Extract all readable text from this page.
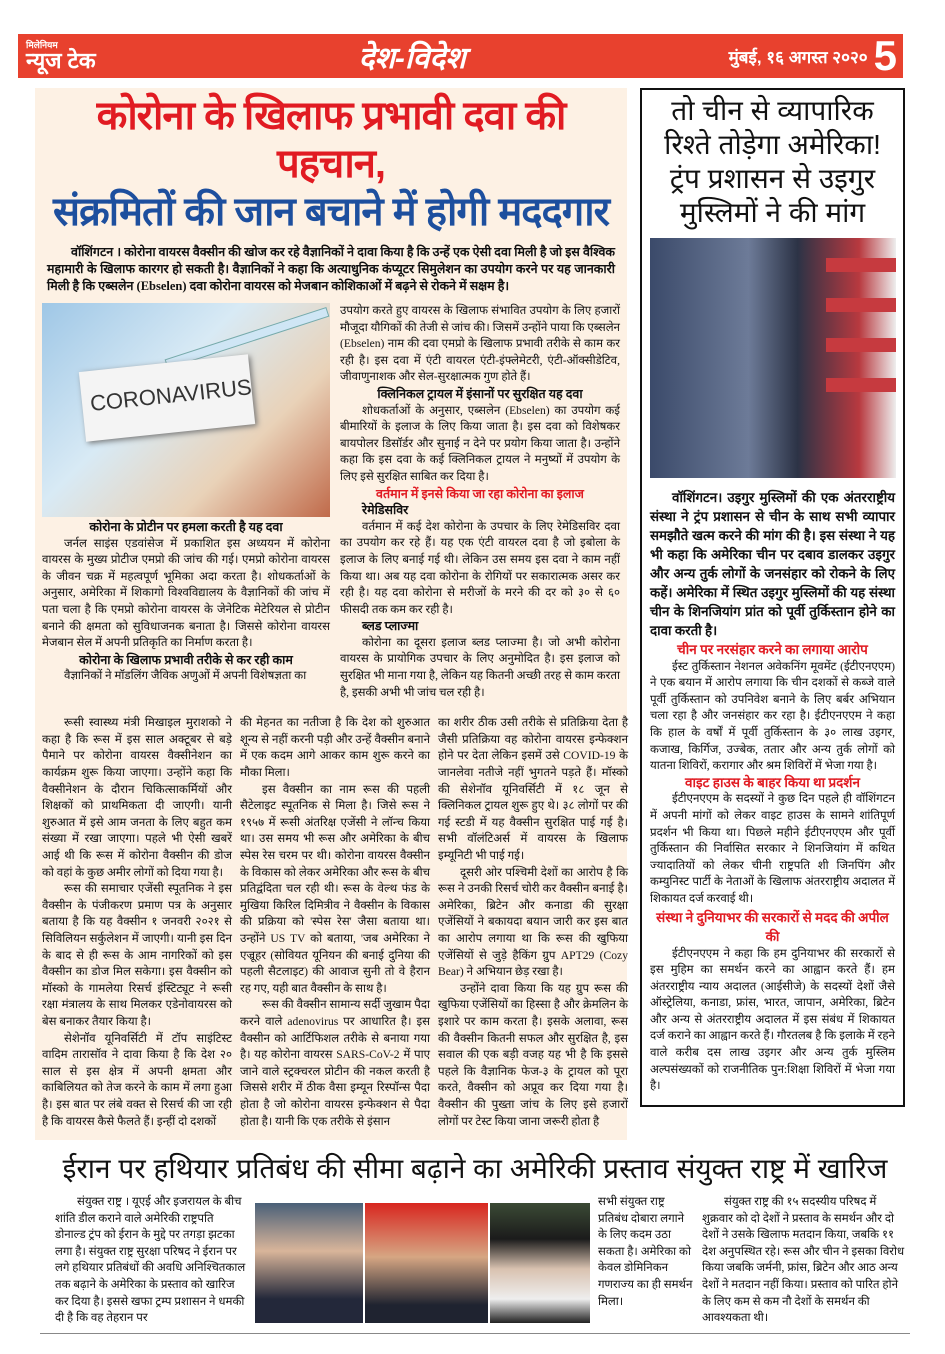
मिलेनियम
न्यूज टेक	देश-विदेश	मुंबई, १६ अगस्त २०२० 5
कोरोना के खिलाफ प्रभावी दवा की पहचान,
संक्रमितों की जान बचाने में होगी मददगार

वॉशिंगटन । कोरोना वायरस वैक्सीन की खोज कर रहे वैज्ञानिकों ने दावा किया है कि उन्हें एक ऐसी दवा मिली है जो इस वैश्विक महामारी के खिलाफ कारगर हो सकती है। वैज्ञानिकों ने कहा कि अत्याधुनिक कंप्यूटर सिमुलेशन का उपयोग करने पर यह जानकारी मिली है कि एब्सलेन (Ebselen) दवा कोरोना वायरस को मेजबान कोशिकाओं में बढ़ने से रोकने में सक्षम है।

CORONAVIRUS
कोरोना के प्रोटीन पर हमला करती है यह दवा

जर्नल साइंस एडवांसेज में प्रकाशित इस अध्ययन में कोरोना वायरस के मुख्य प्रोटीज एमप्रो की जांच की गई। एमप्रो कोरोना वायरस के जीवन चक्र में महत्वपूर्ण भूमिका अदा करता है। शोधकर्ताओं के अनुसार, अमेरिका में शिकागो विश्वविद्यालय के वैज्ञानिकों की जांच में पता चला है कि एमप्रो कोरोना वायरस के जेनेटिक मेटेरियल से प्रोटीन बनाने की क्षमता को सुविधाजनक बनाता है। जिससे कोरोना वायरस मेजबान सेल में अपनी प्रतिकृति का निर्माण करता है।

कोरोना के खिलाफ प्रभावी तरीके से कर रही काम

वैज्ञानिकों ने मॉडलिंग जैविक अणुओं में अपनी विशेषज्ञता का

उपयोग करते हुए वायरस के खिलाफ संभावित उपयोग के लिए हजारों मौजूदा यौगिकों की तेजी से जांच की। जिसमें उन्होंने पाया कि एब्सलेन (Ebselen) नाम की दवा एमप्रो के खिलाफ प्रभावी तरीके से काम कर रही है। इस दवा में एंटी वायरल एंटी-इंफ्लेमेटरी, एंटी-ऑक्सीडेटिव, जीवाणुनाशक और सेल-सुरक्षात्मक गुण होते हैं।

क्लिनिकल ट्रायल में इंसानों पर सुरक्षित यह दवा

शोधकर्ताओं के अनुसार, एब्सलेन (Ebselen) का उपयोग कई बीमारियों के इलाज के लिए किया जाता है। इस दवा को विशेषकर बायपोलर डिसॉर्डर और सुनाई न देने पर प्रयोग किया जाता है। उन्होंने कहा कि इस दवा के कई क्लिनिकल ट्रायल ने मनुष्यों में उपयोग के लिए इसे सुरक्षित साबित कर दिया है।

वर्तमान में इनसे किया जा रहा कोरोना का इलाज
रेमेडिसविर

वर्तमान में कई देश कोरोना के उपचार के लिए रेमेडिसविर दवा का उपयोग कर रहे हैं। यह एक एंटी वायरल दवा है जो इबोला के इलाज के लिए बनाई गई थी। लेकिन उस समय इस दवा ने काम नहीं किया था। अब यह दवा कोरोना के रोगियों पर सकारात्मक असर कर रही है। यह दवा कोरोना से मरीजों के मरने की दर को ३० से ६० फीसदी तक कम कर रही है।

ब्लड प्लाज्मा

कोरोना का दूसरा इलाज ब्लड प्लाज्मा है। जो अभी कोरोना वायरस के प्रायोगिक उपचार के लिए अनुमोदित है। इस इलाज को सुरक्षित भी माना गया है, लेकिन यह कितनी अच्छी तरह से काम करता है, इसकी अभी भी जांच चल रही है।

रूसी स्वास्थ्य मंत्री मिखाइल मुराशको ने कहा है कि रूस में इस साल अक्टूबर से बड़े पैमाने पर कोरोना वायरस वैक्सीनेशन का कार्यक्रम शुरू किया जाएगा। उन्होंने कहा कि वैक्सीनेशन के दौरान चिकित्साकर्मियों और शिक्षकों को प्राथमिकता दी जाएगी। यानी शुरुआत में इसे आम जनता के लिए बहुत कम संख्या में रखा जाएगा। पहले भी ऐसी खबरें आई थी कि रूस में कोरोना वैक्सीन की डोज को वहां के कुछ अमीर लोगों को दिया गया है।

रूस की समाचार एजेंसी स्पूतनिक ने इस वैक्सीन के पंजीकरण प्रमाण पत्र के अनुसार बताया है कि यह वैक्सीन १ जनवरी २०२१ से सिविलियन सर्कुलेशन में जाएगी। यानी इस दिन के बाद से ही रूस के आम नागरिकों को इस वैक्सीन का डोज मिल सकेगा। इस वैक्सीन को मॉस्को के गामलेया रिसर्च इंस्टिट्यूट ने रूसी रक्षा मंत्रालय के साथ मिलकर एडेनोवायरस को बेस बनाकर तैयार किया है।

सेशेनॉव यूनिवर्सिटी में टॉप साइंटिस्ट वादिम तारासॉव ने दावा किया है कि देश २० साल से इस क्षेत्र में अपनी क्षमता और काबिलियत को तेज करने के काम में लगा हुआ है। इस बात पर लंबे वक्त से रिसर्च की जा रही है कि वायरस कैसे फैलते हैं। इन्हीं दो दशकों

की मेहनत का नतीजा है कि देश को शुरुआत शून्य से नहीं करनी पड़ी और उन्हें वैक्सीन बनाने में एक कदम आगे आकर काम शुरू करने का मौका मिला।

इस वैक्सीन का नाम रूस की पहली सैटेलाइट स्पूतनिक से मिला है। जिसे रूस ने १९५७ में रूसी अंतरिक्ष एजेंसी ने लॉन्च किया था। उस समय भी रूस और अमेरिका के बीच स्पेस रेस चरम पर थी। कोरोना वायरस वैक्सीन के विकास को लेकर अमेरिका और रूस के बीच प्रतिद्वंदिता चल रही थी। रूस के वेल्थ फंड के मुखिया किरिल दिमित्रीव ने वैक्सीन के विकास की प्रक्रिया को 'स्पेस रेस' जैसा बताया था। उन्होंने US TV को बताया, 'जब अमेरिका ने एज्रूहर (सोवियत यूनियन की बनाई दुनिया की पहली सैटलाइट) की आवाज सुनी तो वे हैरान रह गए, यही बात वैक्सीन के साथ है।

रूस की वैक्सीन सामान्य सर्दी जुखाम पैदा करने वाले adenovirus पर आधारित है। इस वैक्सीन को आर्टिफिशल तरीके से बनाया गया है। यह कोरोना वायरस SARS-CoV-2 में पाए जाने वाले स्ट्रक्चरल प्रोटीन की नकल करती है जिससे शरीर में ठीक वैसा इम्यून रिस्पॉन्स पैदा होता है जो कोरोना वायरस इन्फेक्शन से पैदा होता है। यानी कि एक तरीके से इंसान

का शरीर ठीक उसी तरीके से प्रतिक्रिया देता है जैसी प्रतिक्रिया वह कोरोना वायरस इन्फेक्शन होने पर देता लेकिन इसमें उसे COVID-19 के जानलेवा नतीजे नहीं भुगतने पड़ते हैं। मॉस्को की सेशेनॉव यूनिवर्सिटी में १८ जून से क्लिनिकल ट्रायल शुरू हुए थे। ३८ लोगों पर की गई स्टडी में यह वैक्सीन सुरक्षित पाई गई है। सभी वॉलंटिअर्स में वायरस के खिलाफ इम्यूनिटी भी पाई गई।

दूसरी ओर पश्चिमी देशों का आरोप है कि रूस ने उनकी रिसर्च चोरी कर वैक्सीन बनाई है। अमेरिका, ब्रिटेन और कनाडा की सुरक्षा एजेंसियों ने बकायदा बयान जारी कर इस बात का आरोप लगाया था कि रूस की खुफिया एजेंसियों से जुड़े हैकिंग ग्रुप APT29 (Cozy Bear) ने अभियान छेड़ रखा है।

उन्होंने दावा किया कि यह ग्रुप रूस की खुफिया एजेंसियों का हिस्सा है और क्रेमलिन के इशारे पर काम करता है। इसके अलावा, रूस की वैक्सीन कितनी सफल और सुरक्षित है, इस सवाल की एक बड़ी वजह यह भी है कि इससे पहले कि वैज्ञानिक फेज-३ के ट्रायल को पूरा करते, वैक्सीन को अप्रूव कर दिया गया है। वैक्सीन की पुख्ता जांच के लिए इसे हजारों लोगों पर टेस्ट किया जाना जरूरी होता है

तो चीन से व्यापारिक
रिश्ते तोड़ेगा अमेरिका!
ट्रंप प्रशासन से उइगुर
मुस्लिमों ने की मांग

वॉशिंगटन। उइगुर मुस्लिमों की एक अंतरराष्ट्रीय संस्था ने ट्रंप प्रशासन से चीन के साथ सभी व्यापार समझौते खत्म करने की मांग की है। इस संस्था ने यह भी कहा कि अमेरिका चीन पर दबाव डालकर उइगुर और अन्य तुर्क लोगों के जनसंहार को रोकने के लिए कहें। अमेरिका में स्थित उइगुर मुस्लिमों की यह संस्था चीन के शिनजियांग प्रांत को पूर्वी तुर्किस्तान होने का दावा करती है।

चीन पर नरसंहार करने का लगाया आरोप

ईस्ट तुर्किस्तान नेशनल अवेकनिंग मूवमेंट (ईटीएनएएम) ने एक बयान में आरोप लगाया कि चीन दशकों से कब्जे वाले पूर्वी तुर्किस्तान को उपनिवेश बनाने के लिए बर्बर अभियान चला रहा है और जनसंहार कर रहा है। ईटीएनएएम ने कहा कि हाल के वर्षों में पूर्वी तुर्किस्तान के ३० लाख उइगर, कजाख, किर्गिज, उज्बेक, ततार और अन्य तुर्क लोगों को यातना शिविरों, करागार और श्रम शिविरों में भेजा गया है।

वाइट हाउस के बाहर किया था प्रदर्शन

ईटीएनएएम के सदस्यों ने कुछ दिन पहले ही वॉशिंगटन में अपनी मांगों को लेकर वाइट हाउस के सामने शांतिपूर्ण प्रदर्शन भी किया था। पिछले महीने ईटीएनएएम और पूर्वी तुर्किस्तान की निर्वासित सरकार ने शिनजियांग में कथित ज्यादातियों को लेकर चीनी राष्ट्रपति शी जिनपिंग और कम्युनिस्ट पार्टी के नेताओं के खिलाफ अंतरराष्ट्रीय अदालत में शिकायत दर्ज करवाई थी।

संस्था ने दुनियाभर की सरकारों से मदद की अपील की

ईटीएनएएम ने कहा कि हम दुनियाभर की सरकारों से इस मुहिम का समर्थन करने का आह्वान करते हैं। हम अंतरराष्ट्रीय न्याय अदालत (आईसीजे) के सदस्यों देशों जैसे ऑस्ट्रेलिया, कनाडा, फ्रांस, भारत, जापान, अमेरिका, ब्रिटेन और अन्य से अंतरराष्ट्रीय अदालत में इस संबंध में शिकायत दर्ज कराने का आह्वान करते हैं। गौरतलब है कि इलाके में रहने वाले करीब दस लाख उइगर और अन्य तुर्क मुस्लिम अल्पसंख्यकों को राजनीतिक पुन:शिक्षा शिविरों में भेजा गया है।

ईरान पर हथियार प्रतिबंध की सीमा बढ़ाने का अमेरिकी प्रस्ताव संयुक्त राष्ट्र में खारिज

संयुक्त राष्ट्र । यूएई और इजरायल के बीच शांति डील कराने वाले अमेरिकी राष्ट्रपति डोनाल्ड ट्रंप को ईरान के मुद्दे पर तगड़ा झटका लगा है। संयुक्त राष्ट्र सुरक्षा परिषद ने ईरान पर लगे हथियार प्रतिबंधों की अवधि अनिश्चितकाल तक बढ़ाने के अमेरिका के प्रस्ताव को खारिज कर दिया है। इससे खफा ट्रम्प प्रशासन ने धमकी दी है कि वह तेहरान पर

सभी संयुक्त राष्ट्र प्रतिबंध दोबारा लगाने के लिए कदम उठा सकता है। अमेरिका को केवल डोमिनिकन गणराज्य का ही समर्थन मिला।

संयुक्त राष्ट्र की १५ सदस्यीय परिषद में शुक्रवार को दो देशों ने प्रस्ताव के समर्थन और दो देशों ने उसके खिलाफ मतदान किया, जबकि ११ देश अनुपस्थित रहे। रूस और चीन ने इसका विरोध किया जबकि जर्मनी, फ्रांस, ब्रिटेन और आठ अन्य देशों ने मतदान नहीं किया। प्रस्ताव को पारित होने के लिए कम से कम नौ देशों के समर्थन की आवश्यकता थी।
